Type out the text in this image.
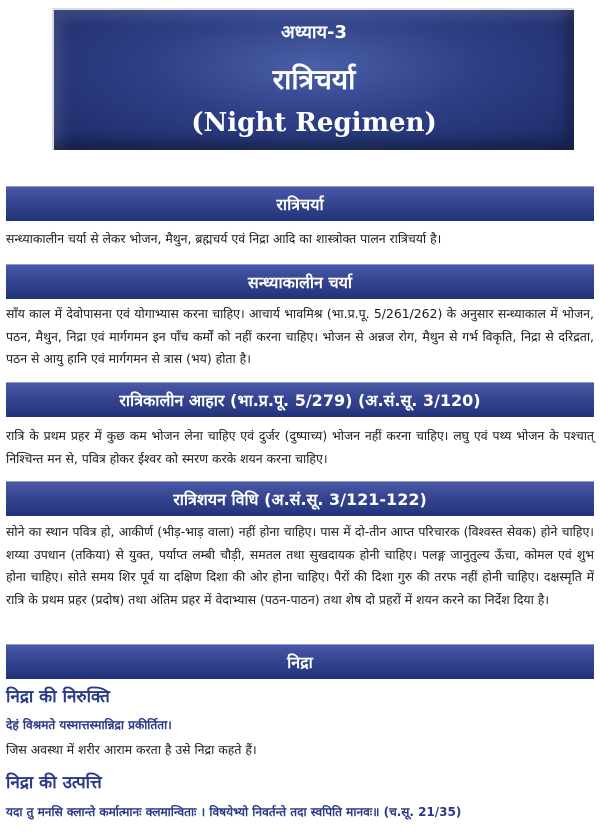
अध्याय-3
रात्रिचर्या
(Night Regimen)
रात्रिचर्या

सन्ध्याकालीन चर्या से लेकर भोजन, मैथुन, ब्रह्मचर्य एवं निद्रा आदि का शास्त्रोक्त पालन रात्रिचर्या है।

सन्ध्याकालीन चर्या

साँय काल में देवोपासना एवं योगाभ्यास करना चाहिए। आचार्य भावमिश्र (भा.प्र.पू. 5/261/262) के अनुसार सन्ध्याकाल में भोजन, पठन, मैथुन, निद्रा एवं मार्गगमन इन पाँच कर्मों को नहीं करना चाहिए। भोजन से अन्नज रोग, मैथुन से गर्भ विकृति, निद्रा से दरिद्रता, पठन से आयु हानि एवं मार्गगमन से त्रास (भय) होता है।

रात्रिकालीन आहार (भा.प्र.पू. 5/279) (अ.सं.सू. 3/120)

रात्रि के प्रथम प्रहर में कुछ कम भोजन लेना चाहिए एवं दुर्जर (दुष्पाच्य) भोजन नहीं करना चाहिए। लघु एवं पथ्य भोजन के पश्चात् निश्चिन्त मन से, पवित्र होकर ईश्वर को स्मरण करके शयन करना चाहिए।

रात्रिशयन विधि (अ.सं.सू. 3/121-122)

सोने का स्थान पवित्र हो, आकीर्ण (भीड़-भाड़ वाला) नहीं होना चाहिए। पास में दो-तीन आप्त परिचारक (विश्वस्त सेवक) होने चाहिए। शय्या उपधान (तकिया) से युक्त, पर्याप्त लम्बी चौड़ी, समतल तथा सुखदायक होनी चाहिए। पलङ्ग जानुतुल्य ऊँचा, कोमल एवं शुभ होना चाहिए। सोते समय शिर पूर्व या दक्षिण दिशा की ओर होना चाहिए। पैरों की दिशा गुरु की तरफ नहीं होनी चाहिए। दक्षस्मृति में रात्रि के प्रथम प्रहर (प्रदोष) तथा अंतिम प्रहर में वेदाभ्यास (पठन-पाठन) तथा शेष दो प्रहरों में शयन करने का निर्देश दिया है।

निद्रा
निद्रा की निरुक्ति

देहं विश्रमते यस्मात्तस्मान्निद्रा प्रकीर्तिता।

जिस अवस्था में शरीर आराम करता है उसे निद्रा कहते हैं।

निद्रा की उत्पत्ति

यदा तु मनसि क्लान्ते कर्मात्मानः क्लमान्विताः । विषयेभ्यो निवर्तन्ते तदा स्वपिति मानवः॥ (च.सू. 21/35)
